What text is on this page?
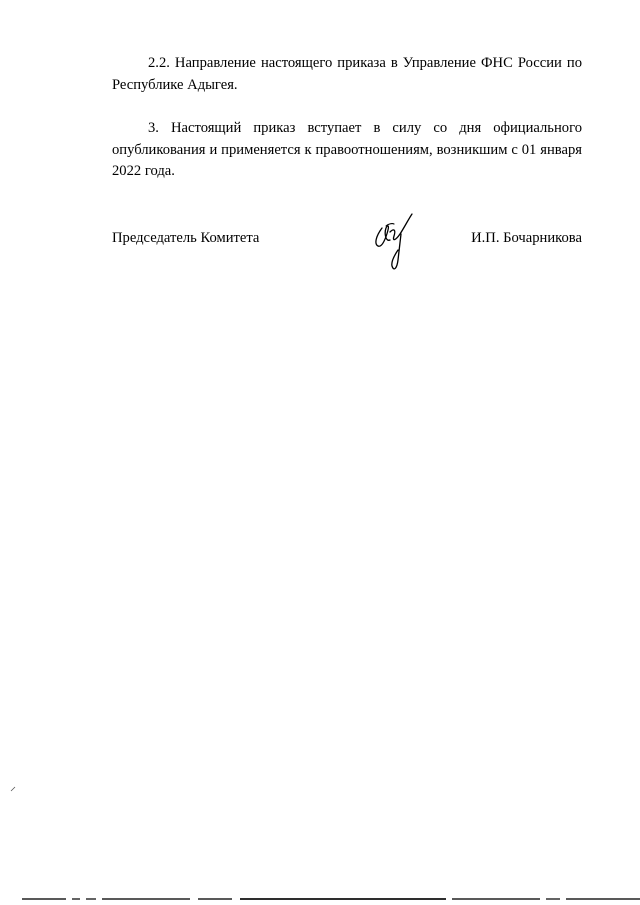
2.2. Направление настоящего приказа в Управление ФНС России по Республике Адыгея.

3. Настоящий приказ вступает в силу со дня официального опубликования и применяется к правоотношениям, возникшим с 01 января 2022 года.

Председатель Комитета	И.П. Бочарникова
